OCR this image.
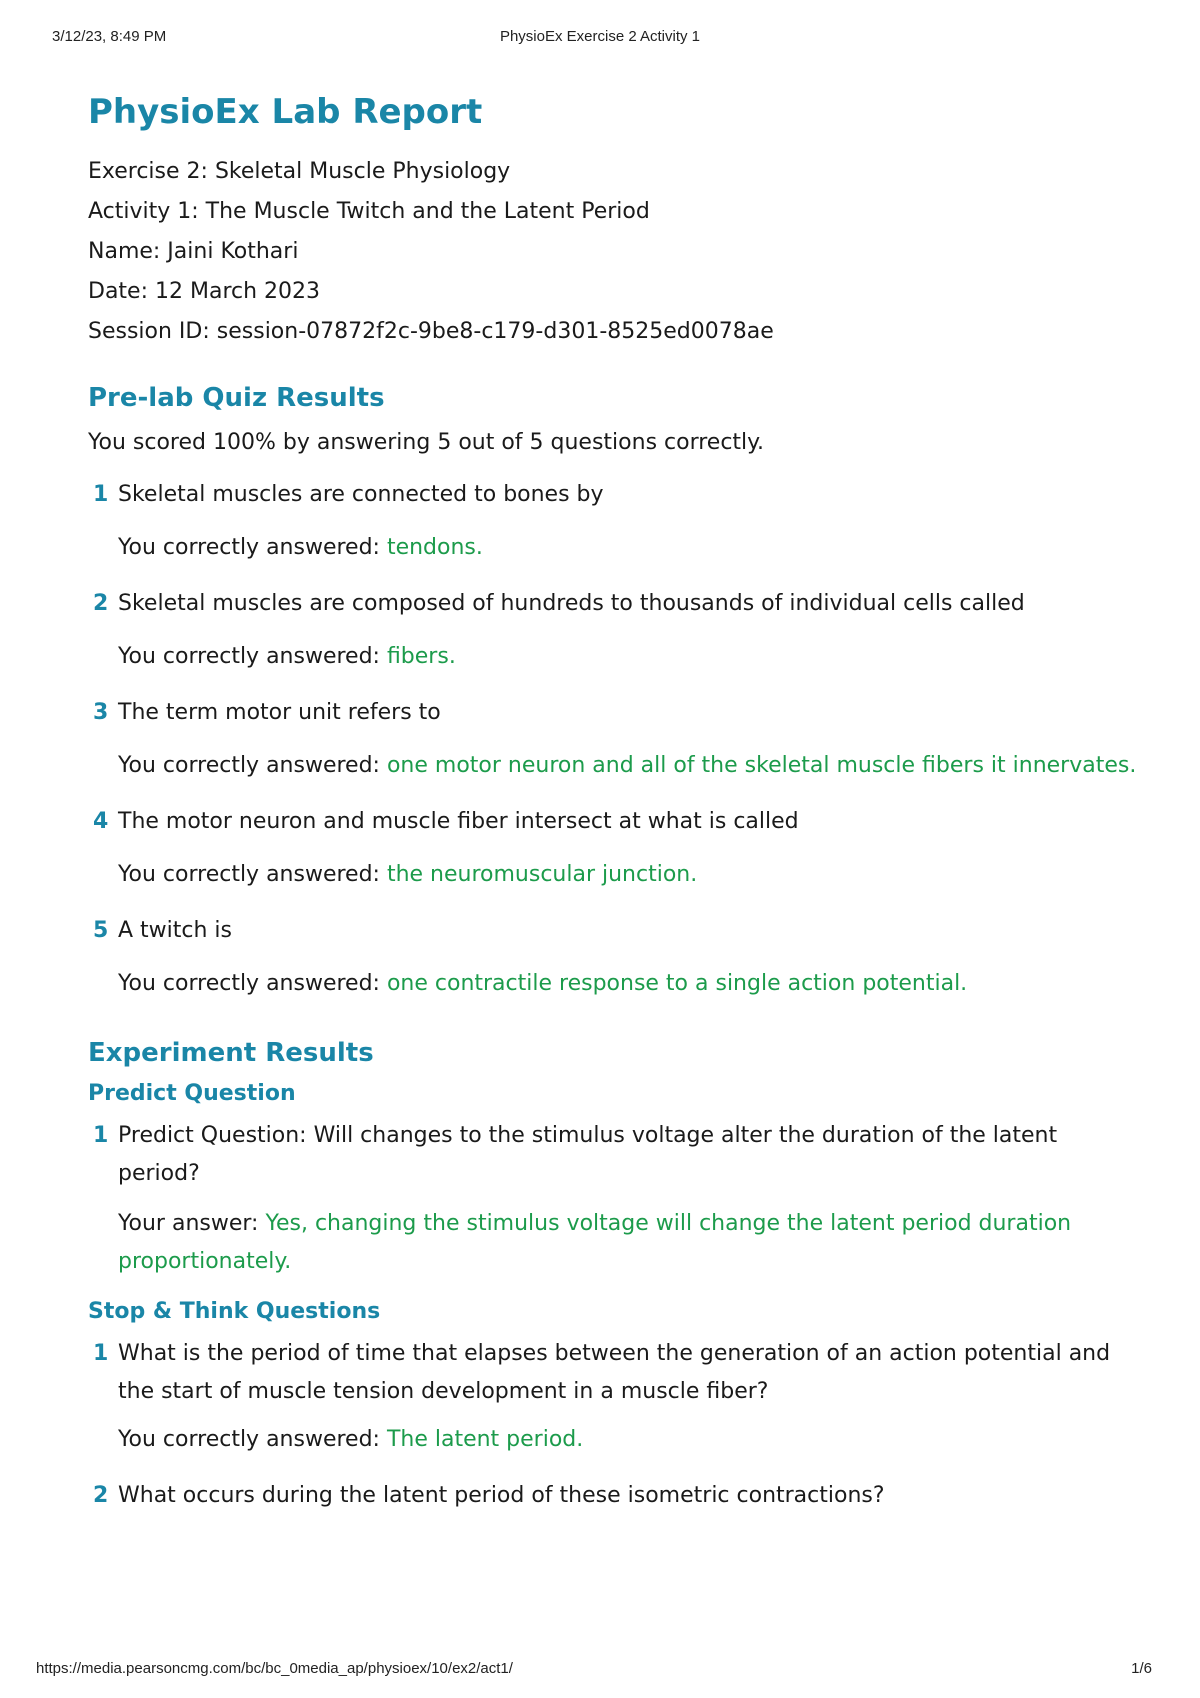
3/12/23, 8:49 PM	PhysioEx Exercise 2 Activity 1
PhysioEx Lab Report
Exercise 2: Skeletal Muscle Physiology
Activity 1: The Muscle Twitch and the Latent Period
Name: Jaini Kothari
Date: 12 March 2023
Session ID: session-07872f2c-9be8-c179-d301-8525ed0078ae
Pre-lab Quiz Results
You scored 100% by answering 5 out of 5 questions correctly.
1 Skeletal muscles are connected to bones by
You correctly answered: tendons.
2 Skeletal muscles are composed of hundreds to thousands of individual cells called
You correctly answered: fibers.
3 The term motor unit refers to
You correctly answered: one motor neuron and all of the skeletal muscle fibers it innervates.
4 The motor neuron and muscle fiber intersect at what is called
You correctly answered: the neuromuscular junction.
5 A twitch is
You correctly answered: one contractile response to a single action potential.
Experiment Results
Predict Question
1 Predict Question: Will changes to the stimulus voltage alter the duration of the latent period?
Your answer: Yes, changing the stimulus voltage will change the latent period duration proportionately.
Stop & Think Questions
1 What is the period of time that elapses between the generation of an action potential and the start of muscle tension development in a muscle fiber?
You correctly answered: The latent period.
2 What occurs during the latent period of these isometric contractions?
https://media.pearsoncmg.com/bc/bc_0media_ap/physioex/10/ex2/act1/	1/6
